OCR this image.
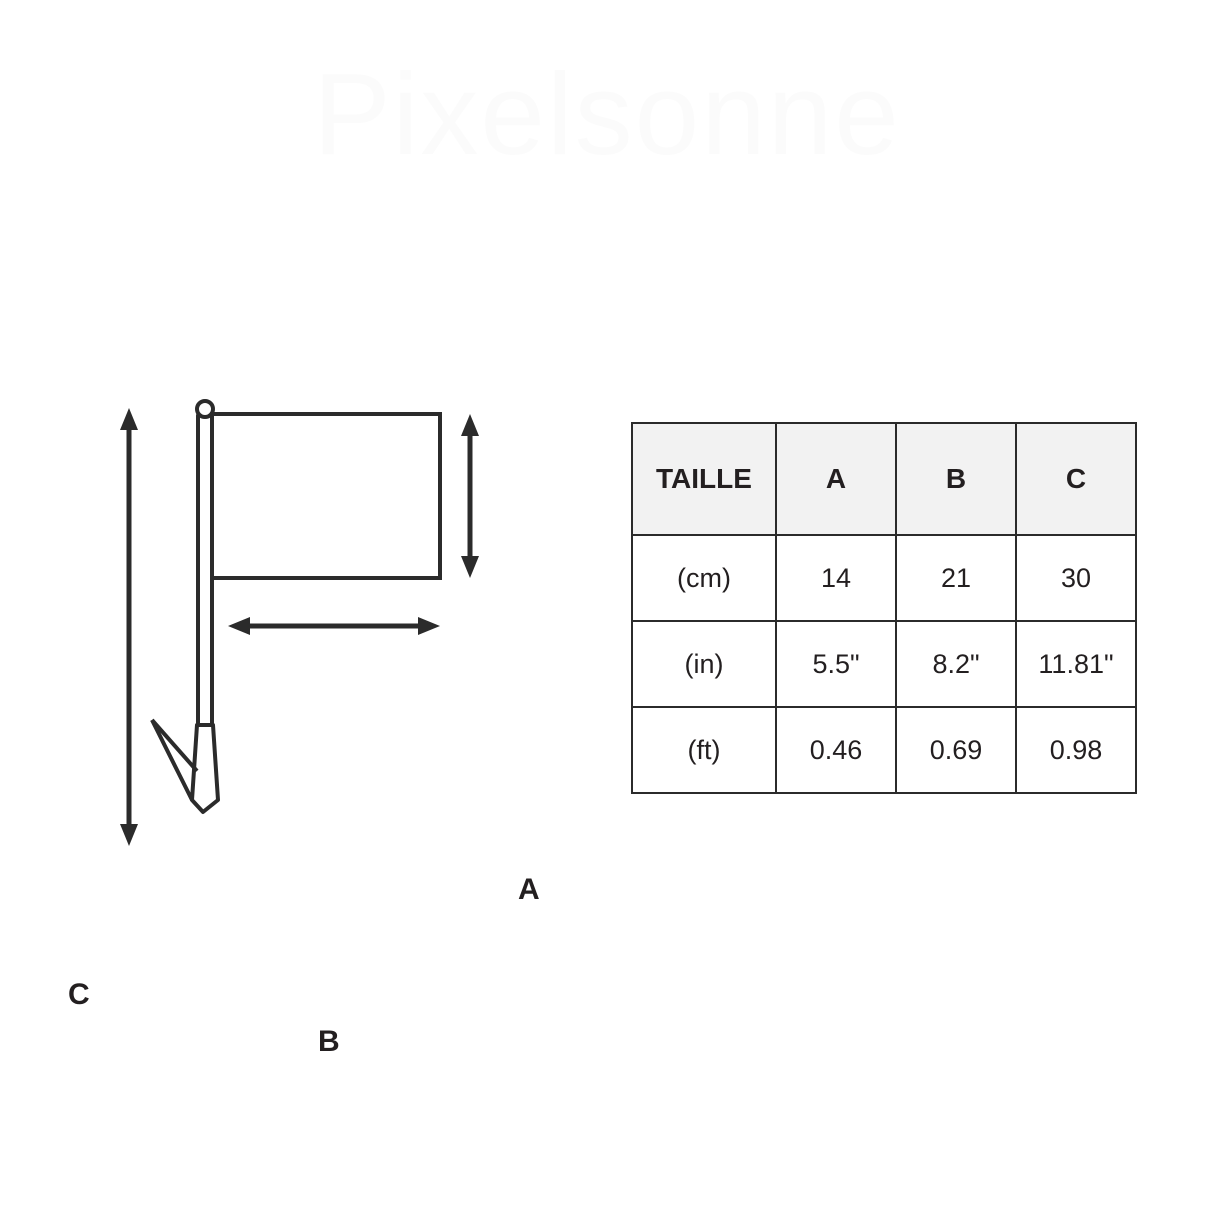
Pixelsonne
A
B
C
TAILLE	A	B	C
(cm)	14	21	30
(in)	5.5"	8.2"	11.81"
(ft)	0.46	0.69	0.98
